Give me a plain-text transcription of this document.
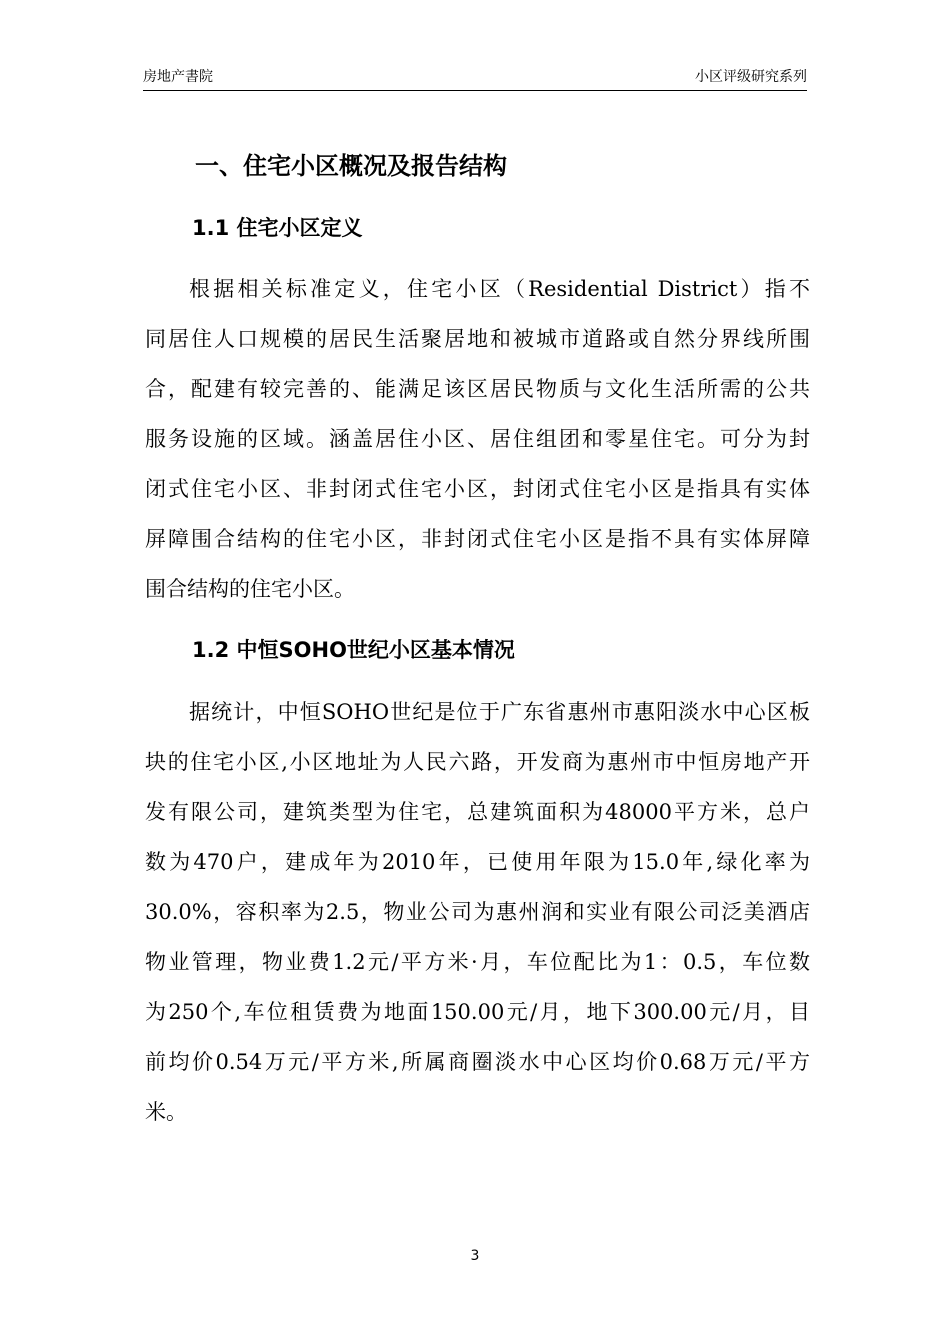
房地产書院	小区评级研究系列
一、住宅小区概况及报告结构
1.1 住宅小区定义
根据相关标准定义，住宅小区（Residential District）指不
同居住人口规模的居民生活聚居地和被城市道路或自然分界线所围
合，配建有较完善的、能满足该区居民物质与文化生活所需的公共
服务设施的区域。涵盖居住小区、居住组团和零星住宅。可分为封
闭式住宅小区、非封闭式住宅小区，封闭式住宅小区是指具有实体
屏障围合结构的住宅小区，非封闭式住宅小区是指不具有实体屏障
围合结构的住宅小区。
1.2 中恒SOHO世纪小区基本情况
据统计，中恒SOHO世纪是位于广东省惠州市惠阳淡水中心区板
块的住宅小区,小区地址为人民六路，开发商为惠州市中恒房地产开
发有限公司，建筑类型为住宅，总建筑面积为48000平方米，总户
数为470户，建成年为2010年，已使用年限为15.0年,绿化率为
30.0%，容积率为2.5，物业公司为惠州润和实业有限公司泛美酒店
物业管理，物业费1.2元/平方米·月，车位配比为1：0.5，车位数
为250个,车位租赁费为地面150.00元/月，地下300.00元/月，目
前均价0.54万元/平方米,所属商圈淡水中心区均价0.68万元/平方
米。
3
